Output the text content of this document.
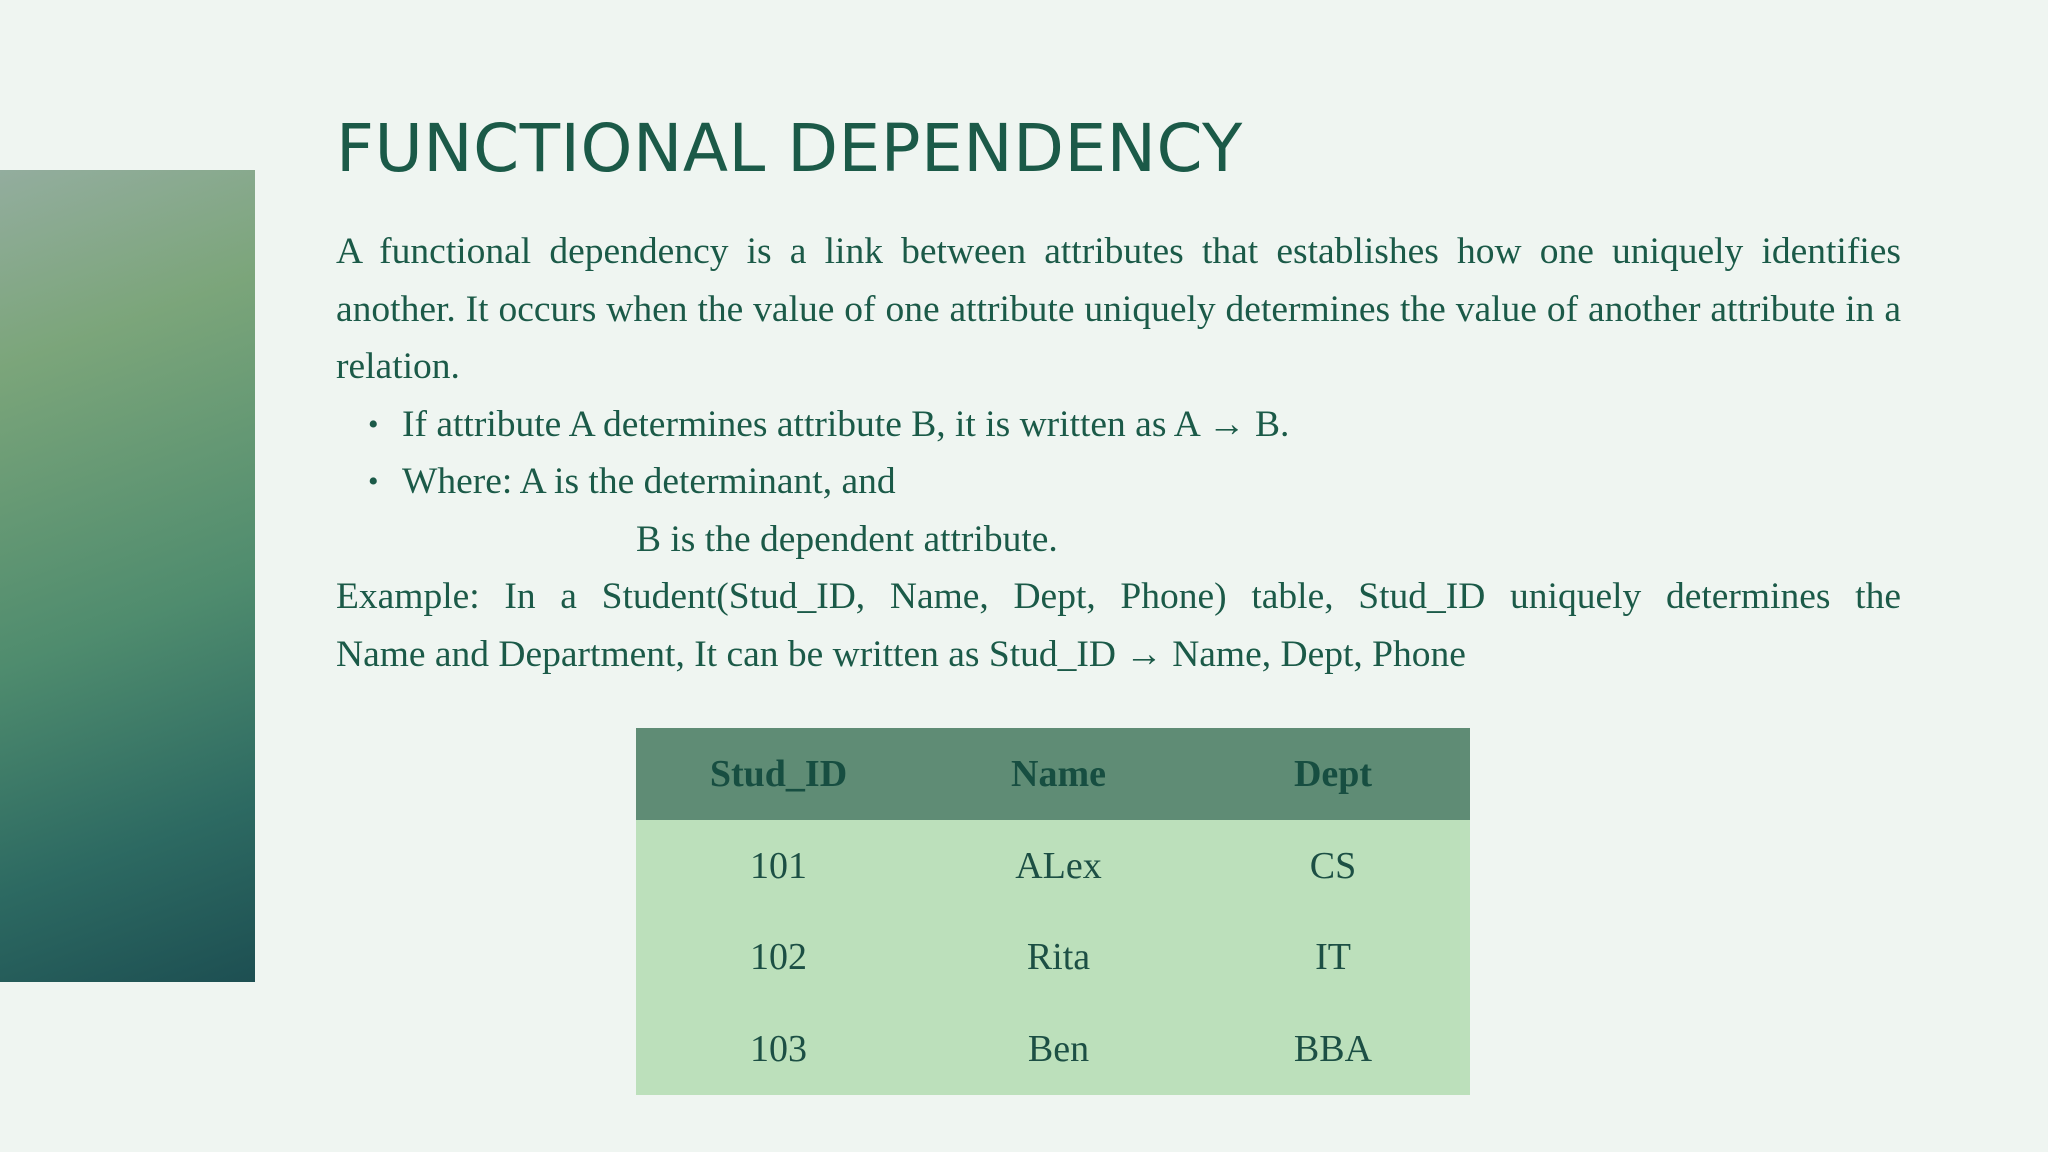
FUNCTIONAL DEPENDENCY

A functional dependency is a link between attributes that establishes how one uniquely identifies another. It occurs when the value of one attribute uniquely determines the value of another attribute in a relation.

• If attribute A determines attribute B, it is written as A → B.
• Where: A is the determinant, and

B is the dependent attribute.

Example: In a Student(Stud_ID, Name, Dept, Phone) table, Stud_ID uniquely determines the

Name and Department, It can be written as Stud_ID → Name, Dept, Phone

Stud_ID	Name	Dept
101	ALex	CS
102	Rita	IT
103	Ben	BBA
